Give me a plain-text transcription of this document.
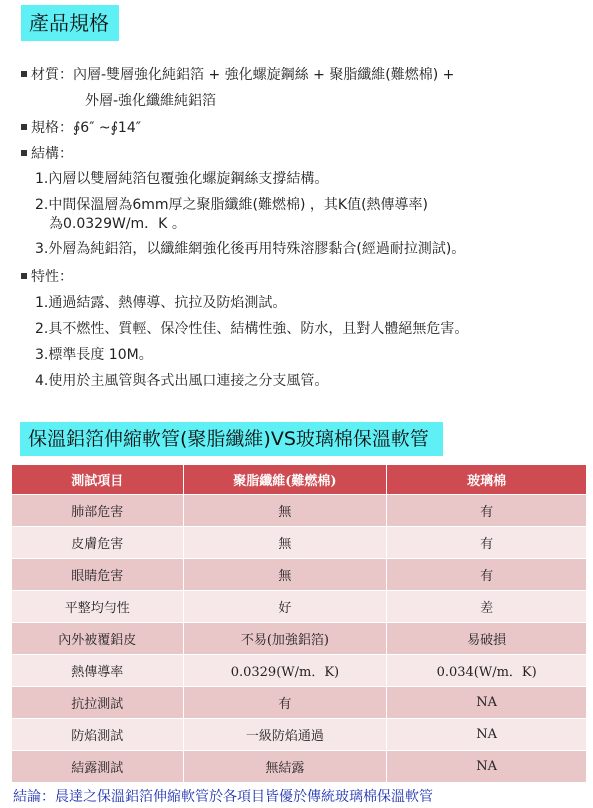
產品規格
材質：內層-雙層強化純鋁箔 + 強化螺旋鋼絲 + 聚脂纖維(難燃棉) +
外層-強化纖維純鋁箔
規格：∮6″ ~∮14″
結構：
1.內層以雙層純箔包覆強化螺旋鋼絲支撐結構。
2.中間保溫層為6mm厚之聚脂纖維(難燃棉) ，其K值(熱傳導率)
為0.0329W/m．K 。
3.外層為純鋁箔，以纖維網強化後再用特殊溶膠黏合(經過耐拉測試)。
特性：
1.通過結露、熱傳導、抗拉及防焰測試。
2.具不燃性、質輕、保冷性佳、結構性強、防水，且對人體絕無危害。
3.標準長度 10M。
4.使用於主風管與各式出風口連接之分支風管。
保溫鋁箔伸縮軟管(聚脂纖維)VS玻璃棉保溫軟管
測試項目	聚脂纖維(難燃棉)	玻璃棉
肺部危害	無	有
皮膚危害	無	有
眼睛危害	無	有
平整均勻性	好	差
內外被覆鋁皮	不易(加強鋁箔)	易破損
熱傳導率	0.0329(W/m．K)	0.034(W/m．K)
抗拉測試	有	NA
防焰測試	一級防焰通過	NA
結露測試	無結露	NA
結論：晨達之保溫鋁箔伸縮軟管於各項目皆優於傳統玻璃棉保溫軟管
